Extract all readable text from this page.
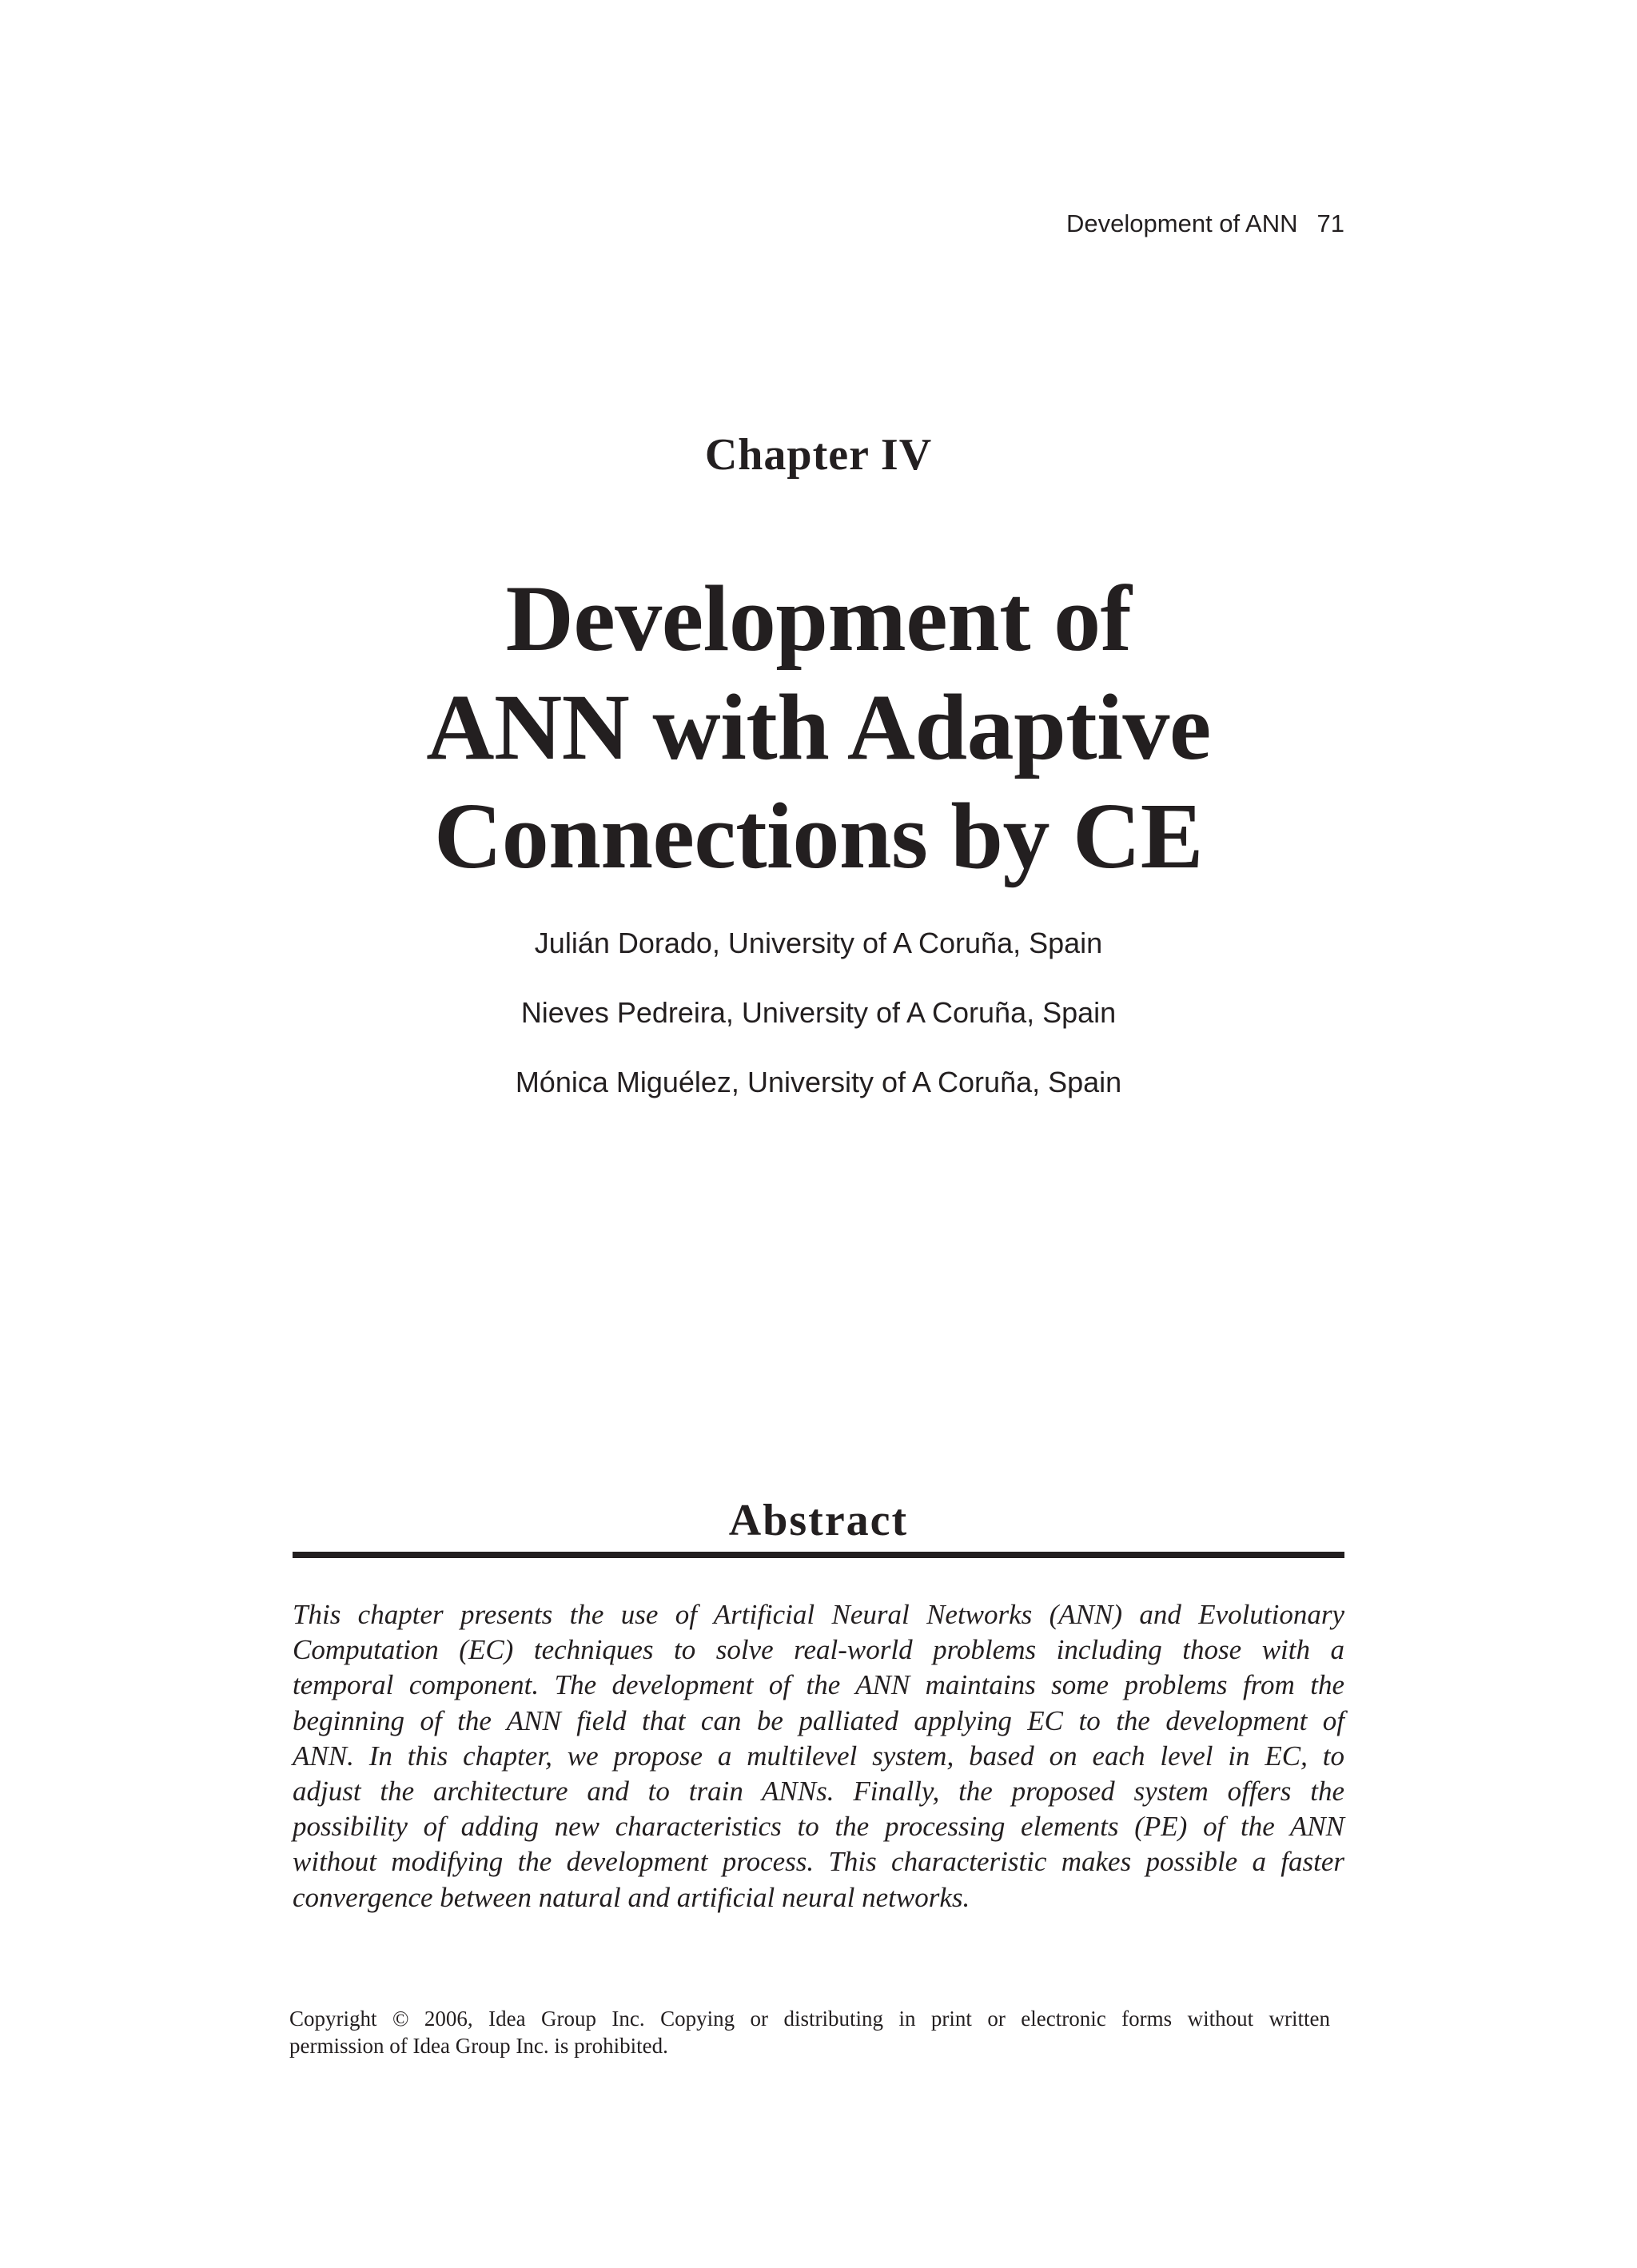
Development of ANN 71
Chapter IV
Development of
ANN with Adaptive
Connections by CE
Julián Dorado, University of A Coruña, Spain
Nieves Pedreira, University of A Coruña, Spain
Mónica Miguélez, University of A Coruña, Spain
Abstract
This chapter presents the use of Artificial Neural Networks (ANN) and Evolutionary
Computation (EC) techniques to solve real-world problems including those with a
temporal component. The development of the ANN maintains some problems from the
beginning of the ANN field that can be palliated applying EC to the development of
ANN. In this chapter, we propose a multilevel system, based on each level in EC, to
adjust the architecture and to train ANNs. Finally, the proposed system offers the
possibility of adding new characteristics to the processing elements (PE) of the ANN
without modifying the development process. This characteristic makes possible a faster
convergence between natural and artificial neural networks.
Copyright © 2006, Idea Group Inc. Copying or distributing in print or electronic forms without written
permission of Idea Group Inc. is prohibited.
